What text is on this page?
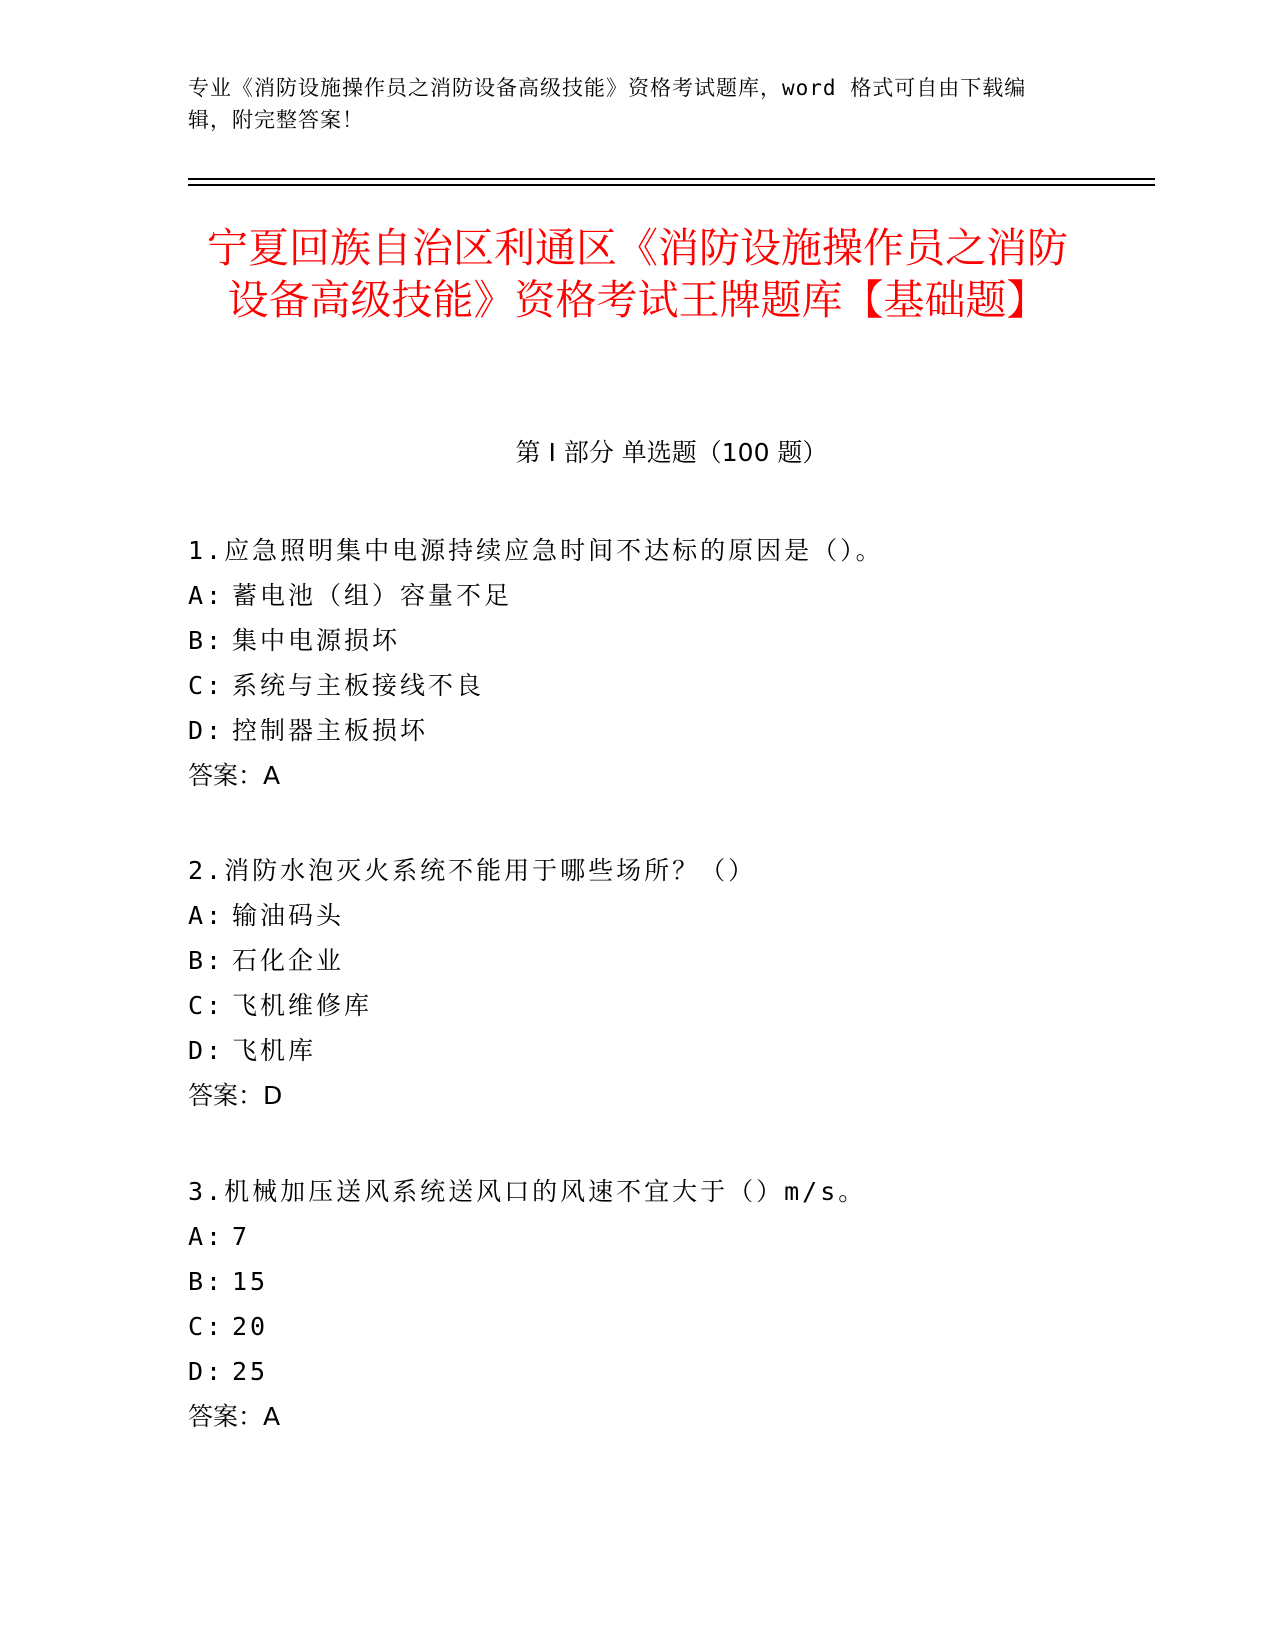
专业《消防设施操作员之消防设备高级技能》资格考试题库，word 格式可自由下载编辑，附完整答案！
宁夏回族自治区利通区《消防设施操作员之消防设备高级技能》资格考试王牌题库【基础题】
第 I 部分 单选题（100 题）
1.应急照明集中电源持续应急时间不达标的原因是（）。
A: 蓄电池（组）容量不足
B: 集中电源损坏
C: 系统与主板接线不良
D: 控制器主板损坏
答案：A
2.消防水泡灭火系统不能用于哪些场所？（）
A: 输油码头
B: 石化企业
C: 飞机维修库
D: 飞机库
答案：D
3.机械加压送风系统送风口的风速不宜大于（）m/s。
A: 7
B: 15
C: 20
D: 25
答案：A
